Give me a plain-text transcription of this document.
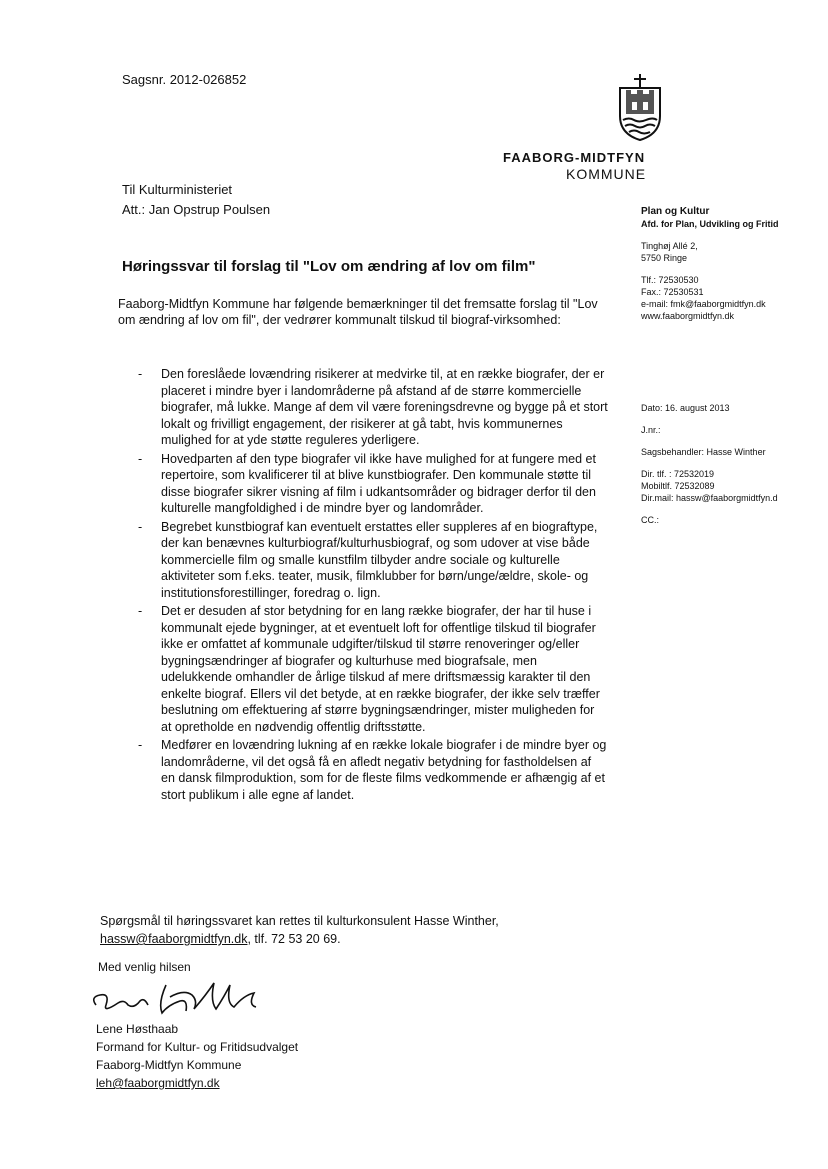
Sagsnr. 2012-026852
FAABORG-MIDTFYN
KOMMUNE
Til Kulturministeriet
Att.: Jan Opstrup Poulsen	Plan og Kultur
Afd. for Plan, Udvikling og Fritid
Tinghøj Allé 2,
5750 Ringe
Tlf.: 72530530
Fax.: 72530531
e-mail: fmk@faaborgmidtfyn.dk
www.faaborgmidtfyn.dk
Dato: 16. august 2013
J.nr.:
Sagsbehandler: Hasse Winther
Dir. tlf. : 72532019
Mobiltlf. 72532089
Dir.mail: hassw@faaborgmidtfyn.d
CC.:
Høringssvar til forslag til "Lov om ændring af lov om film"
Faaborg-Midtfyn Kommune har følgende bemærkninger til det fremsatte forslag til "Lov om ændring af lov om fil", der vedrører kommunalt tilskud til biograf-virksomhed:
- Den foreslåede lovændring risikerer at medvirke til, at en række biografer, der er placeret i mindre byer i landområderne på afstand af de større kommercielle biografer, må lukke. Mange af dem vil være foreningsdrevne og bygge på et stort lokalt og frivilligt engagement, der risikerer at gå tabt, hvis kommunernes mulighed for at yde støtte reguleres yderligere.
- Hovedparten af den type biografer vil ikke have mulighed for at fungere med et repertoire, som kvalificerer til at blive kunstbiografer. Den kommunale støtte til disse biografer sikrer visning af film i udkantsområder og bidrager derfor til den kulturelle mangfoldighed i de mindre byer og landområder.
- Begrebet kunstbiograf kan eventuelt erstattes eller suppleres af en biograftype, der kan benævnes kulturbiograf/kulturhusbiograf, og som udover at vise både kommercielle film og smalle kunstfilm tilbyder andre sociale og kulturelle aktiviteter som f.eks. teater, musik, filmklubber for børn/unge/ældre, skole- og institutionsforestillinger, foredrag o. lign.
- Det er desuden af stor betydning for en lang række biografer, der har til huse i kommunalt ejede bygninger, at et eventuelt loft for offentlige tilskud til biografer ikke er omfattet af kommunale udgifter/tilskud til større renoveringer og/eller bygningsændringer af biografer og kulturhuse med biografsale, men udelukkende omhandler de årlige tilskud af mere driftsmæssig karakter til den enkelte biograf. Ellers vil det betyde, at en række biografer, der ikke selv træffer beslutning om effektuering af større bygningsændringer, mister muligheden for at opretholde en nødvendig offentlig driftsstøtte.
- Medfører en lovændring lukning af en række lokale biografer i de mindre byer og landområderne, vil det også få en afledt negativ betydning for fastholdelsen af en dansk filmproduktion, som for de fleste films vedkommende er afhængig af et stort publikum i alle egne af landet.
Spørgsmål til høringssvaret kan rettes til kulturkonsulent Hasse Winther,
hassw@faaborgmidtfyn.dk, tlf. 72 53 20 69.
Med venlig hilsen
Lene Høsthaab
Formand for Kultur- og Fritidsudvalget
Faaborg-Midtfyn Kommune
leh@faaborgmidtfyn.dk
